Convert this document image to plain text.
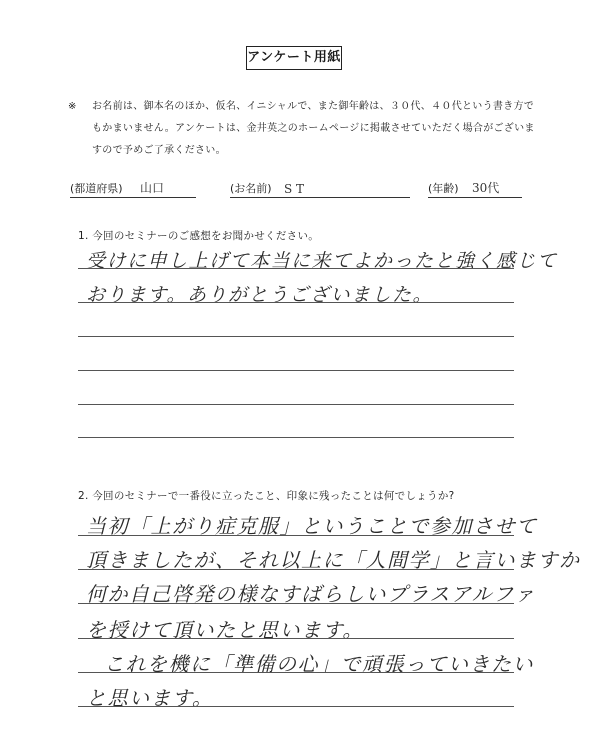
アンケート用紙
※	お名前は、御本名のほか、仮名、イニシャルで、また御年齢は、３０代、４０代という書き方でもかまいません。アンケートは、金井英之のホームページに掲載させていただく場合がございますので予めご了承ください。
(都道府県) 山口	(お名前) S T	(年齢) 30代
1. 今回のセミナーのご感想をお聞かせください。
受けに申し上げて本当に来てよかったと強く感じて
おります。ありがとうございました。
2. 今回のセミナーで一番役に立ったこと、印象に残ったことは何でしょうか?
当初「上がり症克服」ということで参加させて
頂きましたが、それ以上に「人間学」と言いますか
何か自己啓発の様なすばらしいプラスアルファ
を授けて頂いたと思います。
これを機に「準備の心」で頑張っていきたい
と思います。
